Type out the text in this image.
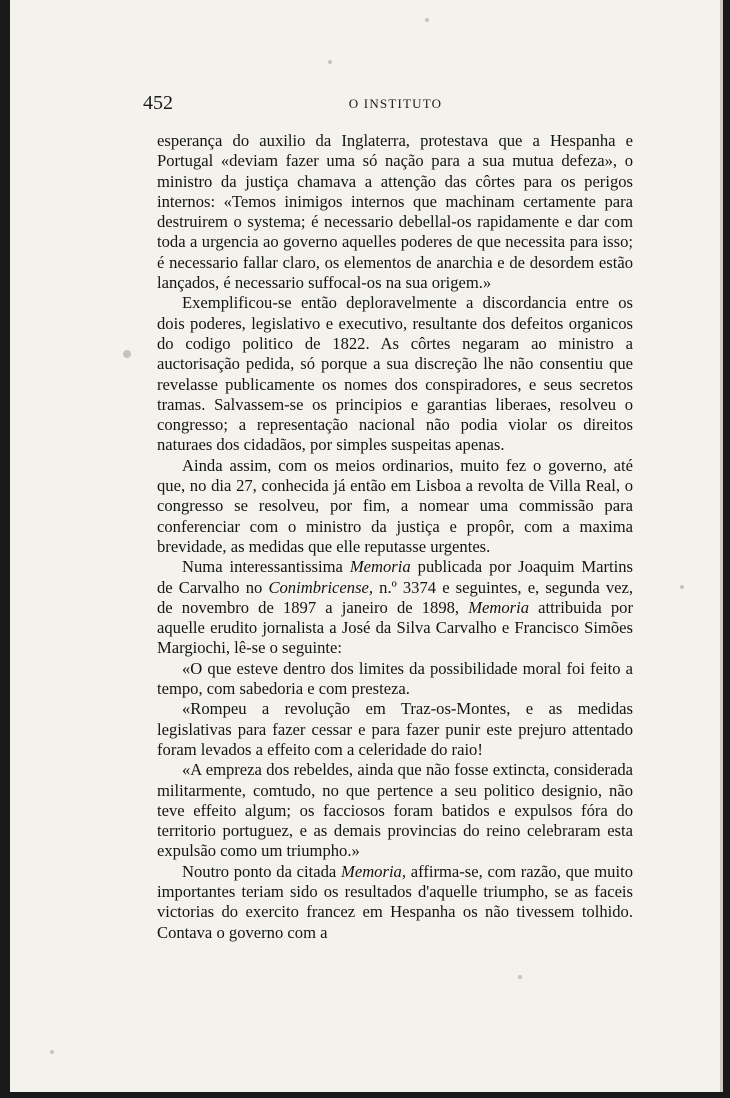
452	O INSTITUTO

esperança do auxilio da Inglaterra, protestava que a Hespanha e Portugal «deviam fazer uma só nação para a sua mutua defeza», o ministro da justiça chamava a attenção das côrtes para os perigos internos: «Temos inimigos internos que machinam certamente para destruirem o systema; é necessario debellal-os rapidamente e dar com toda a urgencia ao governo aquelles poderes de que necessita para isso; é necessario fallar claro, os elementos de anarchia e de desordem estão lançados, é necessario suffocal-os na sua origem.»

Exemplificou-se então deploravelmente a discordancia entre os dois poderes, legislativo e executivo, resultante dos defeitos organicos do codigo politico de 1822. As côrtes negaram ao ministro a auctorisação pedida, só porque a sua discreção lhe não consentiu que revelasse publicamente os nomes dos conspiradores, e seus secretos tramas. Salvassem-se os principios e garantias liberaes, resolveu o congresso; a representação nacional não podia violar os direitos naturaes dos cidadãos, por simples suspeitas apenas.

Ainda assim, com os meios ordinarios, muito fez o governo, até que, no dia 27, conhecida já então em Lisboa a revolta de Villa Real, o congresso se resolveu, por fim, a nomear uma commissão para conferenciar com o ministro da justiça e propôr, com a maxima brevidade, as medidas que elle reputasse urgentes.

Numa interessantissima Memoria publicada por Joaquim Martins de Carvalho no Conimbricense, n.º 3374 e seguintes, e, segunda vez, de novembro de 1897 a janeiro de 1898, Memoria attribuida por aquelle erudito jornalista a José da Silva Carvalho e Francisco Simões Margiochi, lê-se o seguinte:

«O que esteve dentro dos limites da possibilidade moral foi feito a tempo, com sabedoria e com presteza.

«Rompeu a revolução em Traz-os-Montes, e as medidas legislativas para fazer cessar e para fazer punir este prejuro attentado foram levados a effeito com a celeridade do raio!

«A empreza dos rebeldes, ainda que não fosse extincta, considerada militarmente, comtudo, no que pertence a seu politico designio, não teve effeito algum; os facciosos foram batidos e expulsos fóra do territorio portuguez, e as demais provincias do reino celebraram esta expulsão como um triumpho.»

Noutro ponto da citada Memoria, affirma-se, com razão, que muito importantes teriam sido os resultados d'aquelle triumpho, se as faceis victorias do exercito francez em Hespanha os não tivessem tolhido. Contava o governo com a
